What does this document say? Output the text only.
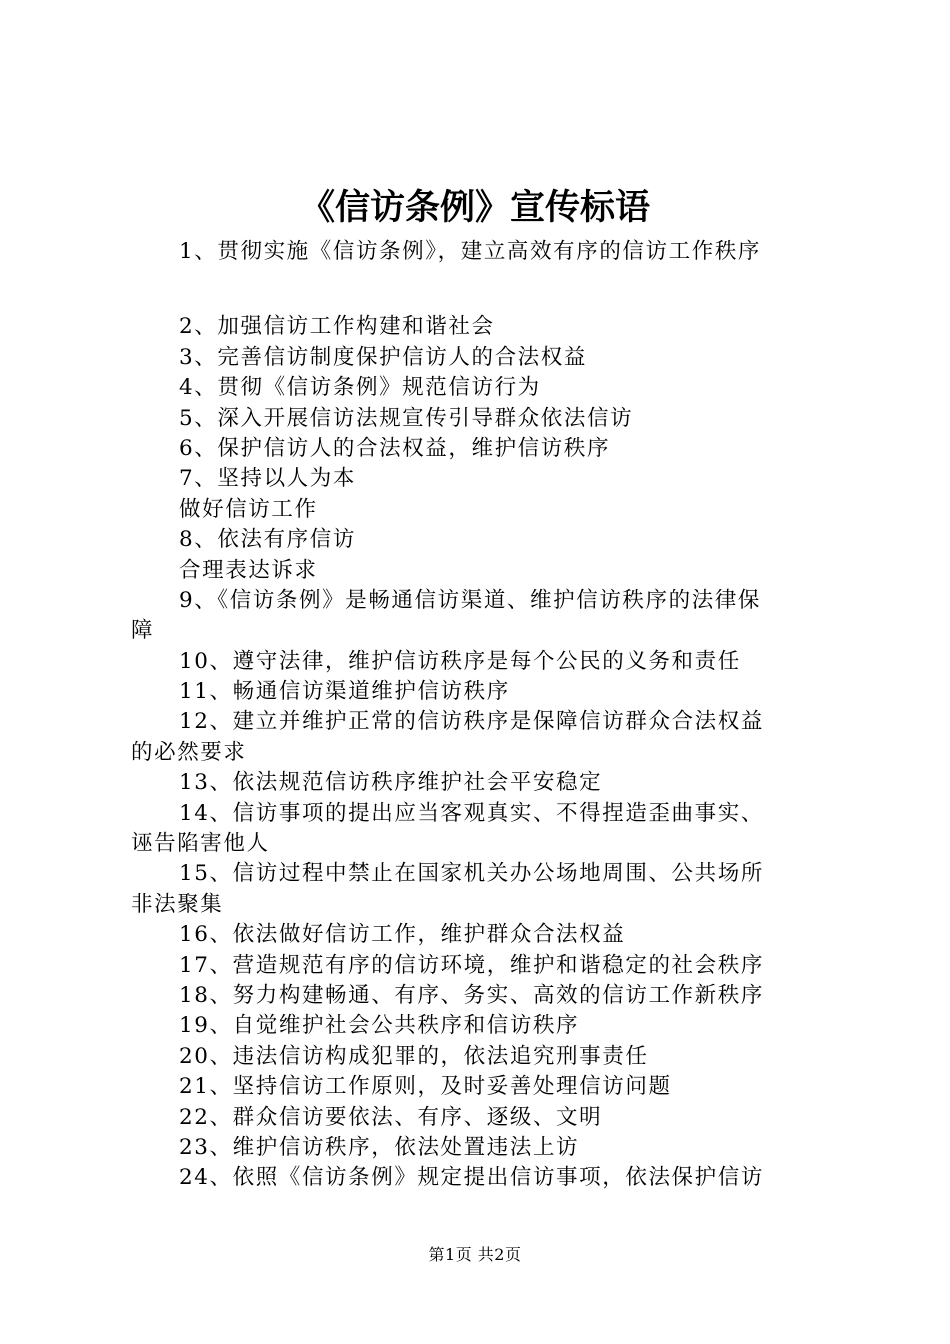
《信访条例》宣传标语
1、贯彻实施《信访条例》，建立高效有序的信访工作秩序
2、加强信访工作构建和谐社会
3、完善信访制度保护信访人的合法权益
4、贯彻《信访条例》规范信访行为
5、深入开展信访法规宣传引导群众依法信访
6、保护信访人的合法权益，维护信访秩序
7、坚持以人为本
做好信访工作
8、依法有序信访
合理表达诉求
9、《信访条例》是畅通信访渠道、维护信访秩序的法律保
障
10、遵守法律，维护信访秩序是每个公民的义务和责任
11、畅通信访渠道维护信访秩序
12、建立并维护正常的信访秩序是保障信访群众合法权益
的必然要求
13、依法规范信访秩序维护社会平安稳定
14、信访事项的提出应当客观真实、不得捏造歪曲事实、
诬告陷害他人
15、信访过程中禁止在国家机关办公场地周围、公共场所
非法聚集
16、依法做好信访工作，维护群众合法权益
17、营造规范有序的信访环境，维护和谐稳定的社会秩序
18、努力构建畅通、有序、务实、高效的信访工作新秩序
19、自觉维护社会公共秩序和信访秩序
20、违法信访构成犯罪的，依法追究刑事责任
21、坚持信访工作原则，及时妥善处理信访问题
22、群众信访要依法、有序、逐级、文明
23、维护信访秩序，依法处置违法上访
24、依照《信访条例》规定提出信访事项，依法保护信访
第1页 共2页
